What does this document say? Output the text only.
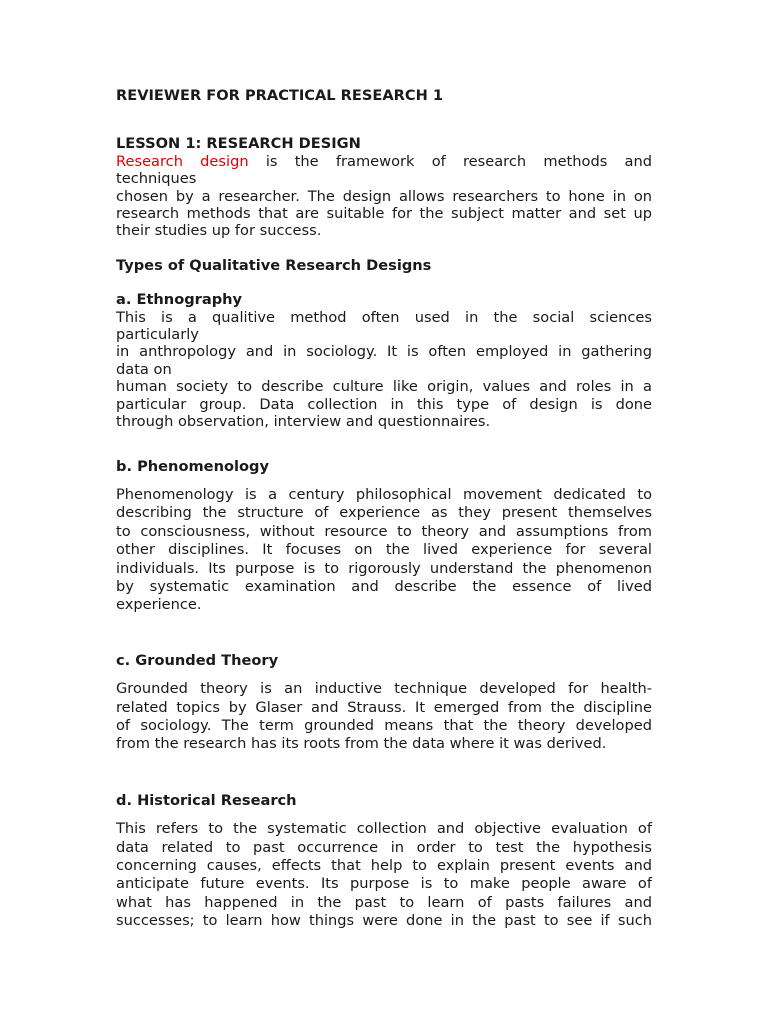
REVIEWER FOR PRACTICAL RESEARCH 1
LESSON 1: RESEARCH DESIGN
Research design is the framework of research methods and
techniques
chosen by a researcher. The design allows researchers to hone in on
research methods that are suitable for the subject matter and set up
their studies up for success.
Types of Qualitative Research Designs
a. Ethnography
This is a qualitive method often used in the social sciences
particularly
in anthropology and in sociology. It is often employed in gathering
data on
human society to describe culture like origin, values and roles in a
particular group. Data collection in this type of design is done
through observation, interview and questionnaires.
b. Phenomenology
Phenomenology is a century philosophical movement dedicated to
describing the structure of experience as they present themselves
to consciousness, without resource to theory and assumptions from
other disciplines. It focuses on the lived experience for several
individuals. Its purpose is to rigorously understand the phenomenon
by systematic examination and describe the essence of lived
experience.
c. Grounded Theory
Grounded theory is an inductive technique developed for health-
related topics by Glaser and Strauss. It emerged from the discipline
of sociology. The term grounded means that the theory developed
from the research has its roots from the data where it was derived.
d. Historical Research
This refers to the systematic collection and objective evaluation of
data related to past occurrence in order to test the hypothesis
concerning causes, effects that help to explain present events and
anticipate future events. Its purpose is to make people aware of
what has happened in the past to learn of pasts failures and
successes; to learn how things were done in the past to see if such
